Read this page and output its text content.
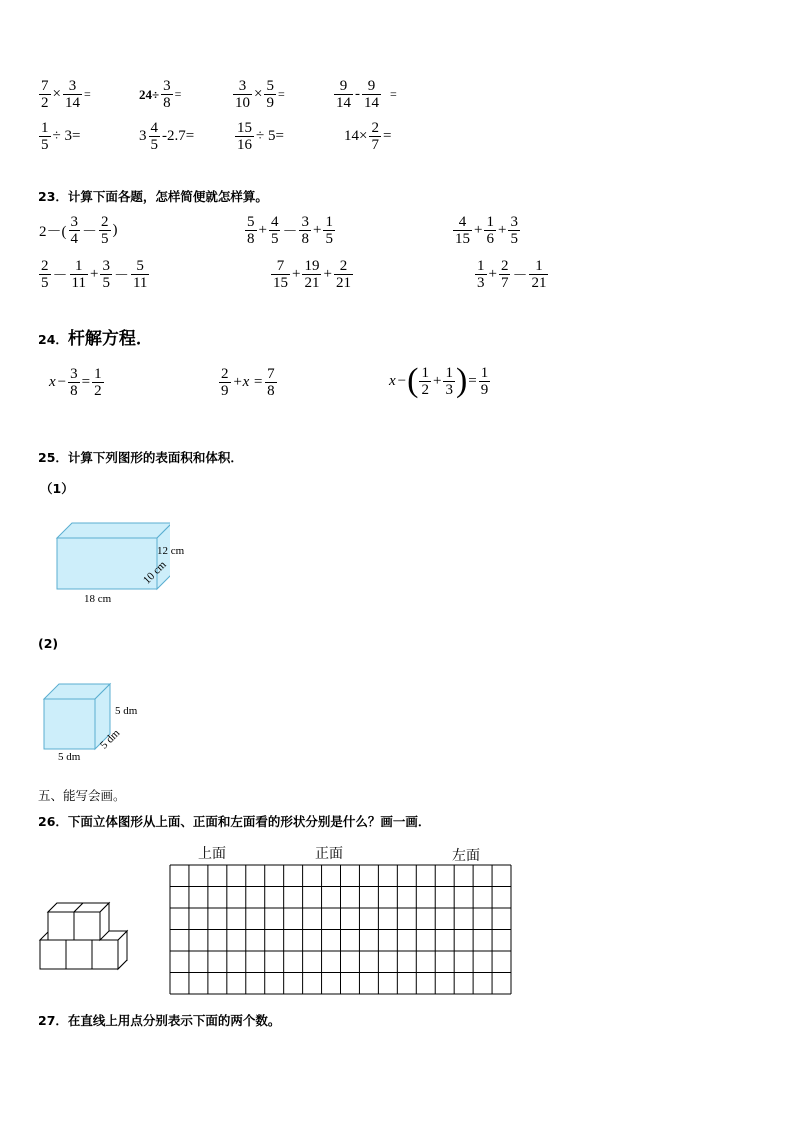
$\frac{7}{2} \times \frac{3}{14}$ =	$24\div \frac{3}{8}$ =	$\frac{3}{10} \times \frac{5}{9}$ =	$\frac{9}{14} - \frac{9}{14}$ =
$\frac{1}{5} \div 3=$	$3 \frac{4}{5} -2.7=$	$\frac{15}{16} \div 5=$	$14\times \frac{2}{7}$ =
23．计算下面各题，怎样简便就怎样算。
$2-( \frac{3}{4} - \frac{2}{5}$ )	$\frac{5}{8} + \frac{4}{5} - \frac{3}{8} + \frac{1}{5}$	$\frac{4}{15} + \frac{1}{6} + \frac{3}{5}$
$\frac{2}{5} - \frac{1}{11} + \frac{3}{5} - \frac{5}{11}$	$\frac{7}{15} + \frac{19}{21} + \frac{2}{21}$	$\frac{1}{3} + \frac{2}{7} - \frac{1}{21}$
24．杆解方程．
$x - \frac{3}{8} = \frac{1}{2}$	$\frac{2}{9} +x = \frac{7}{8}$	x − ( $\frac{1}{2} + \frac{1}{3}$ ) = $\frac{1}{9}$
25．计算下列图形的表面积和体积．
（1）
12 cm
18 cm
10 cm
(2)
5 dm
5 dm
5 dm
五、能写会画。
26．下面立体图形从上面、正面和左面看的形状分别是什么？画一画．
上面	正面	左面
27．在直线上用点分别表示下面的两个数。
